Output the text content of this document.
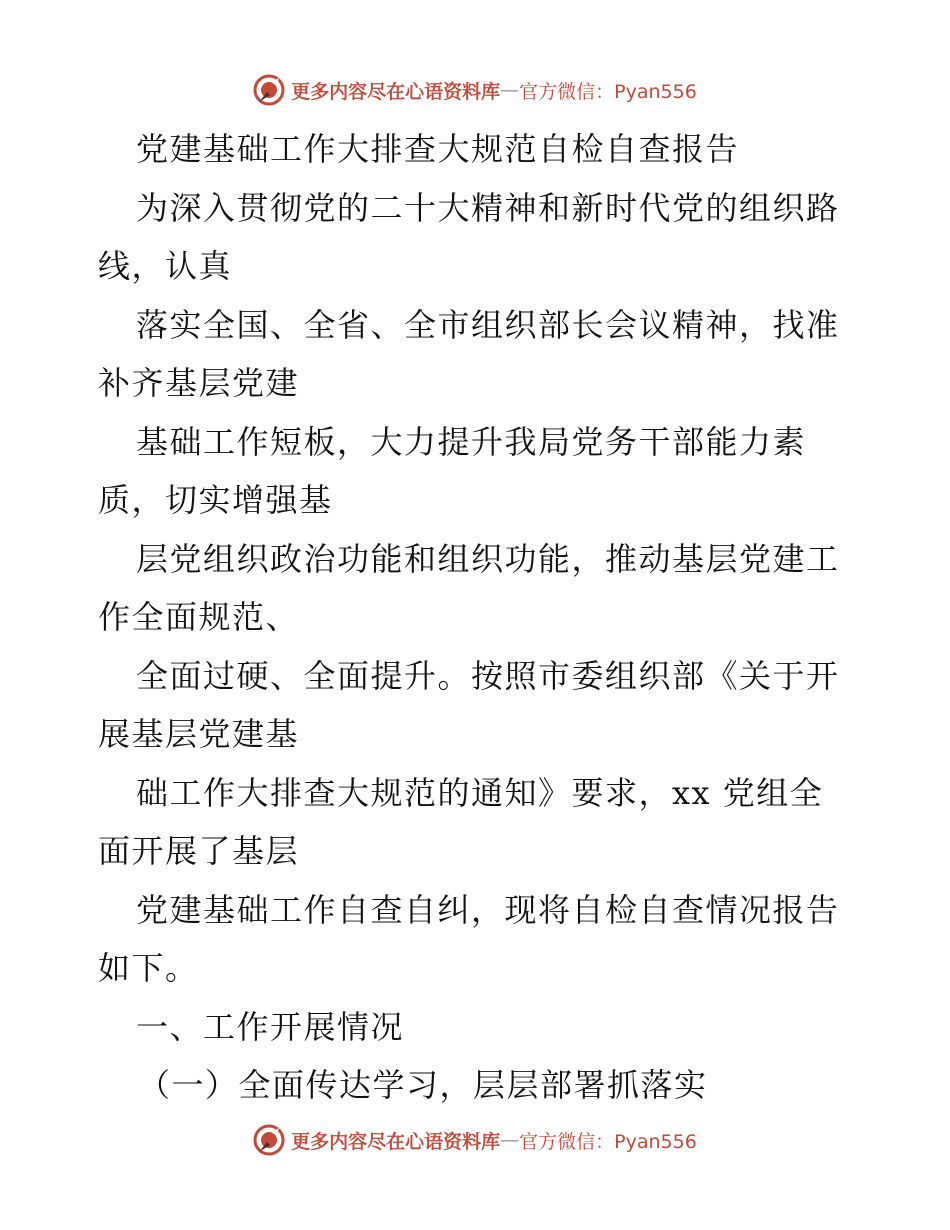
更多内容尽在心语资料库 — 官方微信：Pyan556
党建基础工作大排查大规范自检自查报告
为深入贯彻党的二十大精神和新时代党的组织路
线，认真
落实全国、全省、全市组织部长会议精神，找准
补齐基层党建
基础工作短板，大力提升我局党务干部能力素
质，切实增强基
层党组织政治功能和组织功能，推动基层党建工
作全面规范、
全面过硬、全面提升。按照市委组织部《关于开
展基层党建基
础工作大排查大规范的通知》要求，xx 党组全
面开展了基层
党建基础工作自查自纠，现将自检自查情况报告
如下。
一、工作开展情况
（一）全面传达学习，层层部署抓落实
更多内容尽在心语资料库 — 官方微信：Pyan556
